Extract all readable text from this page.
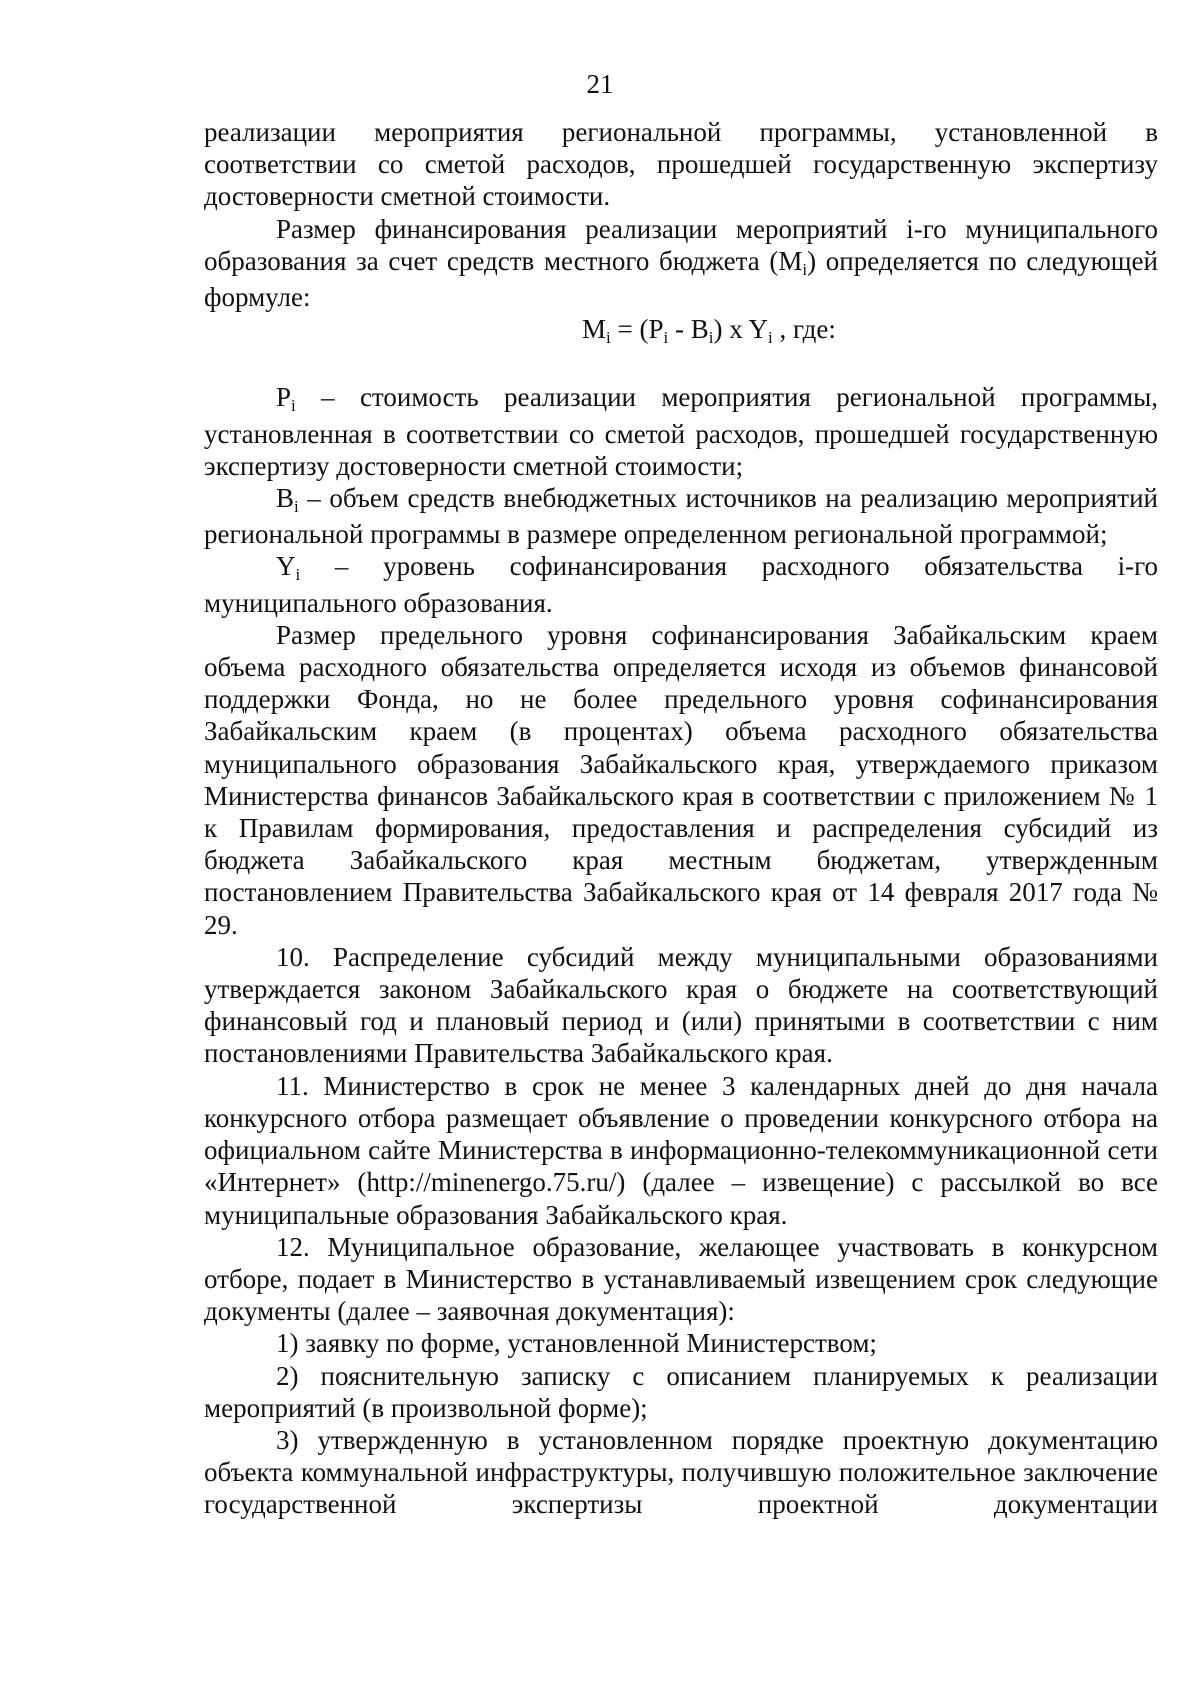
21

реализации мероприятия региональной программы, установленной в соответствии со сметой расходов, прошедшей государственную экспертизу достоверности сметной стоимости.

Размер финансирования реализации мероприятий i-го муниципального образования за счет средств местного бюджета (Mi) определяется по следующей формуле:

Mi = (Pi - Bi) x Yi , где:

Pi – стоимость реализации мероприятия региональной программы, установленная в соответствии со сметой расходов, прошедшей государственную экспертизу достоверности сметной стоимости;

Bi – объем средств внебюджетных источников на реализацию мероприятий региональной программы в размере определенном региональной программой;

Yi – уровень софинансирования расходного обязательства i-го муниципального образования.

Размер предельного уровня софинансирования Забайкальским краем объема расходного обязательства определяется исходя из объемов финансовой поддержки Фонда, но не более предельного уровня софинансирования Забайкальским краем (в процентах) объема расходного обязательства муниципального образования Забайкальского края, утверждаемого приказом Министерства финансов Забайкальского края в соответствии с приложением № 1 к Правилам формирования, предоставления и распределения субсидий из бюджета Забайкальского края местным бюджетам, утвержденным постановлением Правительства Забайкальского края от 14 февраля 2017 года № 29.

10. Распределение субсидий между муниципальными образованиями утверждается законом Забайкальского края о бюджете на соответствующий финансовый год и плановый период и (или) принятыми в соответствии с ним постановлениями Правительства Забайкальского края.

11. Министерство в срок не менее 3 календарных дней до дня начала конкурсного отбора размещает объявление о проведении конкурсного отбора на официальном сайте Министерства в информационно-телекоммуникационной сети «Интернет» (http://minenergo.75.ru/) (далее – извещение) с рассылкой во все муниципальные образования Забайкальского края.

12. Муниципальное образование, желающее участвовать в конкурсном отборе, подает в Министерство в устанавливаемый извещением срок следующие документы (далее – заявочная документация):

1) заявку по форме, установленной Министерством;

2) пояснительную записку с описанием планируемых к реализации мероприятий (в произвольной форме);

3) утвержденную в установленном порядке проектную документацию объекта коммунальной инфраструктуры, получившую положительное заключение государственной экспертизы проектной документации
